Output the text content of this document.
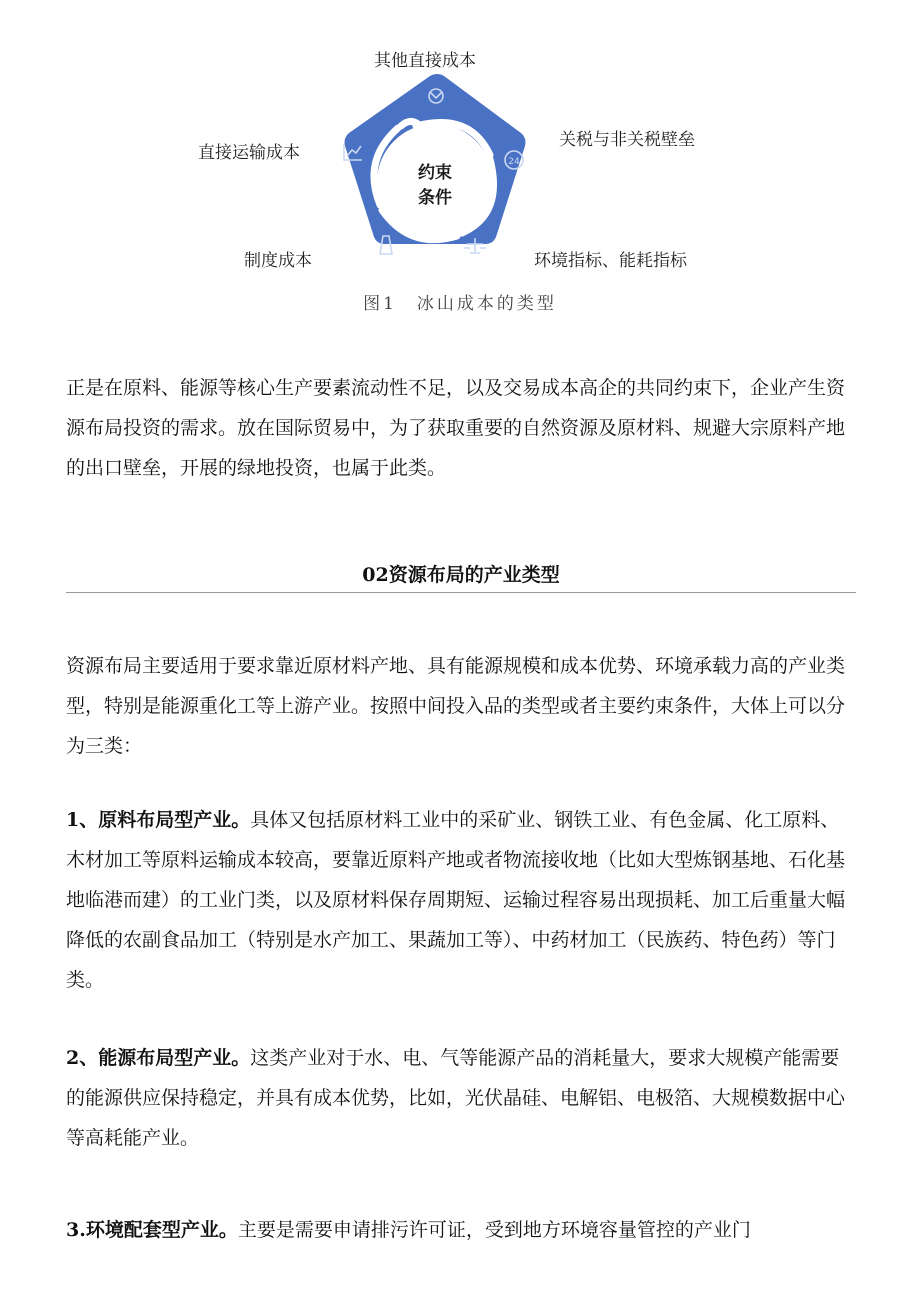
24
约束
条件
其他直接成本
关税与非关税壁垒
环境指标、能耗指标
制度成本
直接运输成本
图1　冰山成本的类型

正是在原料、能源等核心生产要素流动性不足，以及交易成本高企的共同约束下，企业产生资源布局投资的需求。放在国际贸易中，为了获取重要的自然资源及原材料、规避大宗原料产地的出口壁垒，开展的绿地投资，也属于此类。

02资源布局的产业类型

资源布局主要适用于要求靠近原材料产地、具有能源规模和成本优势、环境承载力高的产业类型，特别是能源重化工等上游产业。按照中间投入品的类型或者主要约束条件，大体上可以分为三类：

1、原料布局型产业。具体又包括原材料工业中的采矿业、钢铁工业、有色金属、化工原料、木材加工等原料运输成本较高，要靠近原料产地或者物流接收地（比如大型炼钢基地、石化基地临港而建）的工业门类，以及原材料保存周期短、运输过程容易出现损耗、加工后重量大幅降低的农副食品加工（特别是水产加工、果蔬加工等）、中药材加工（民族药、特色药）等门类。

2、能源布局型产业。这类产业对于水、电、气等能源产品的消耗量大，要求大规模产能需要的能源供应保持稳定，并具有成本优势，比如，光伏晶硅、电解铝、电极箔、大规模数据中心等高耗能产业。

3.环境配套型产业。主要是需要申请排污许可证，受到地方环境容量管控的产业门
